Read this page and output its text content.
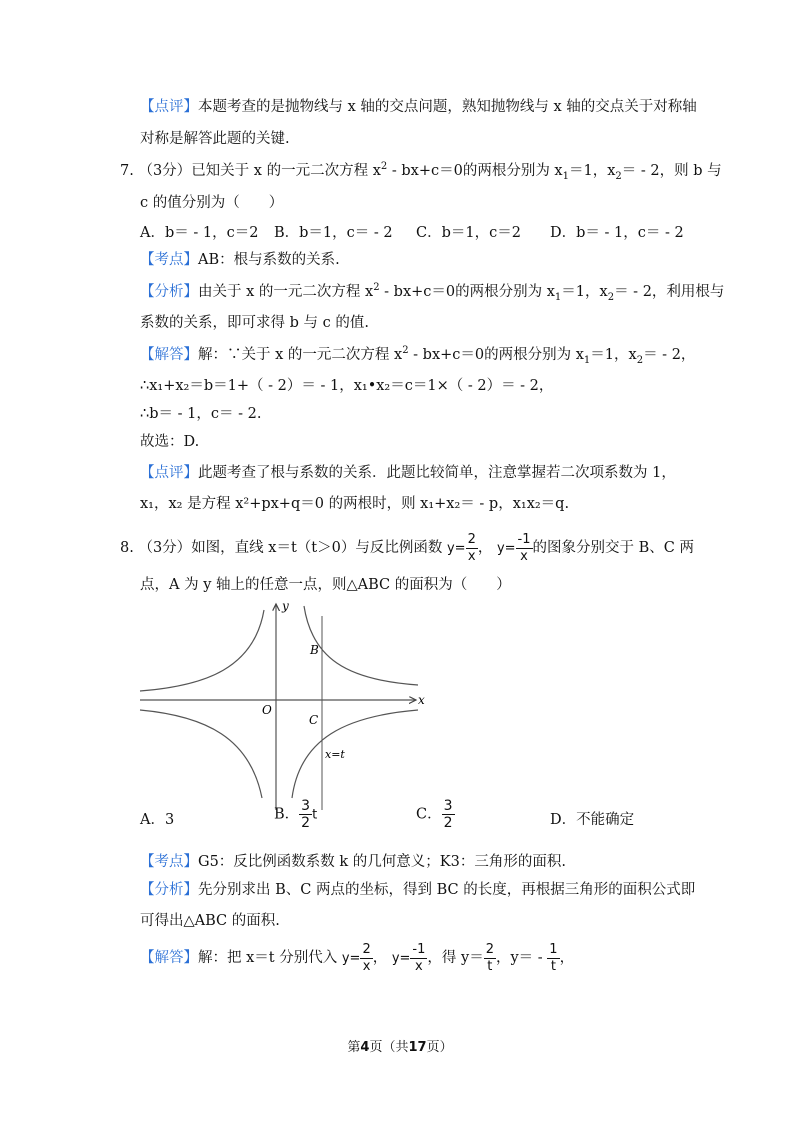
【点评】本题考查的是抛物线与 x 轴的交点问题，熟知抛物线与 x 轴的交点关于对称轴
对称是解答此题的关键.
7. （3分）已知关于 x 的一元二次方程 $x^2 - bx+c=0$的两根分别为 $x_1=1$，$x_2= - 2$，则 b 与
c 的值分别为（　　）
A．b＝ - 1，c＝2 B．b＝1，c＝ - 2 C．b＝1，c＝2 D．b＝ - 1，c＝ - 2
【考点】AB：根与系数的关系.
【分析】由关于 x 的一元二次方程 $x^2 - bx+c=0$的两根分别为 $x_1=1$，$x_2= - 2$，利用根与
系数的关系，即可求得 b 与 c 的值.
【解答】解：∵关于 x 的一元二次方程 $x^2 - bx+c=0$的两根分别为 $x_1=1$，$x_2= - 2$，
∴x₁+x₂＝b＝1+（ - 2）＝ - 1，x₁•x₂＝c＝1×（ - 2）＝ - 2，
∴b＝ - 1，c＝ - 2.
故选：D.
【点评】此题考查了根与系数的关系．此题比较简单，注意掌握若二次项系数为 1，
x₁，x₂ 是方程 x²+px+q＝0 的两根时，则 x₁+x₂＝ - p，x₁x₂＝q.
8. （3分）如图，直线 x＝t（t＞0）与反比例函数 $y= \frac{2}{x}$ ， $y= \frac{-1}{x}$ 的图象分别交于 B、C 两
点，A 为 y 轴上的任意一点，则△ABC 的面积为（　　）
y
x
O
B
C
x=t
A．3	B． $\frac{3}{2}$ t	C． $\frac{3}{2}$	D．不能确定
【考点】G5：反比例函数系数 k 的几何意义；K3：三角形的面积.
【分析】先分别求出 B、C 两点的坐标，得到 BC 的长度，再根据三角形的面积公式即
可得出△ABC 的面积.
【解答】解：把 x＝t 分别代入 $y= \frac{2}{x}$ ， $y= \frac{-1}{x}$ ，得 $y= \frac{2}{t}$ ，$y= - \frac{1}{t}$ ，
第4页（共17页）
